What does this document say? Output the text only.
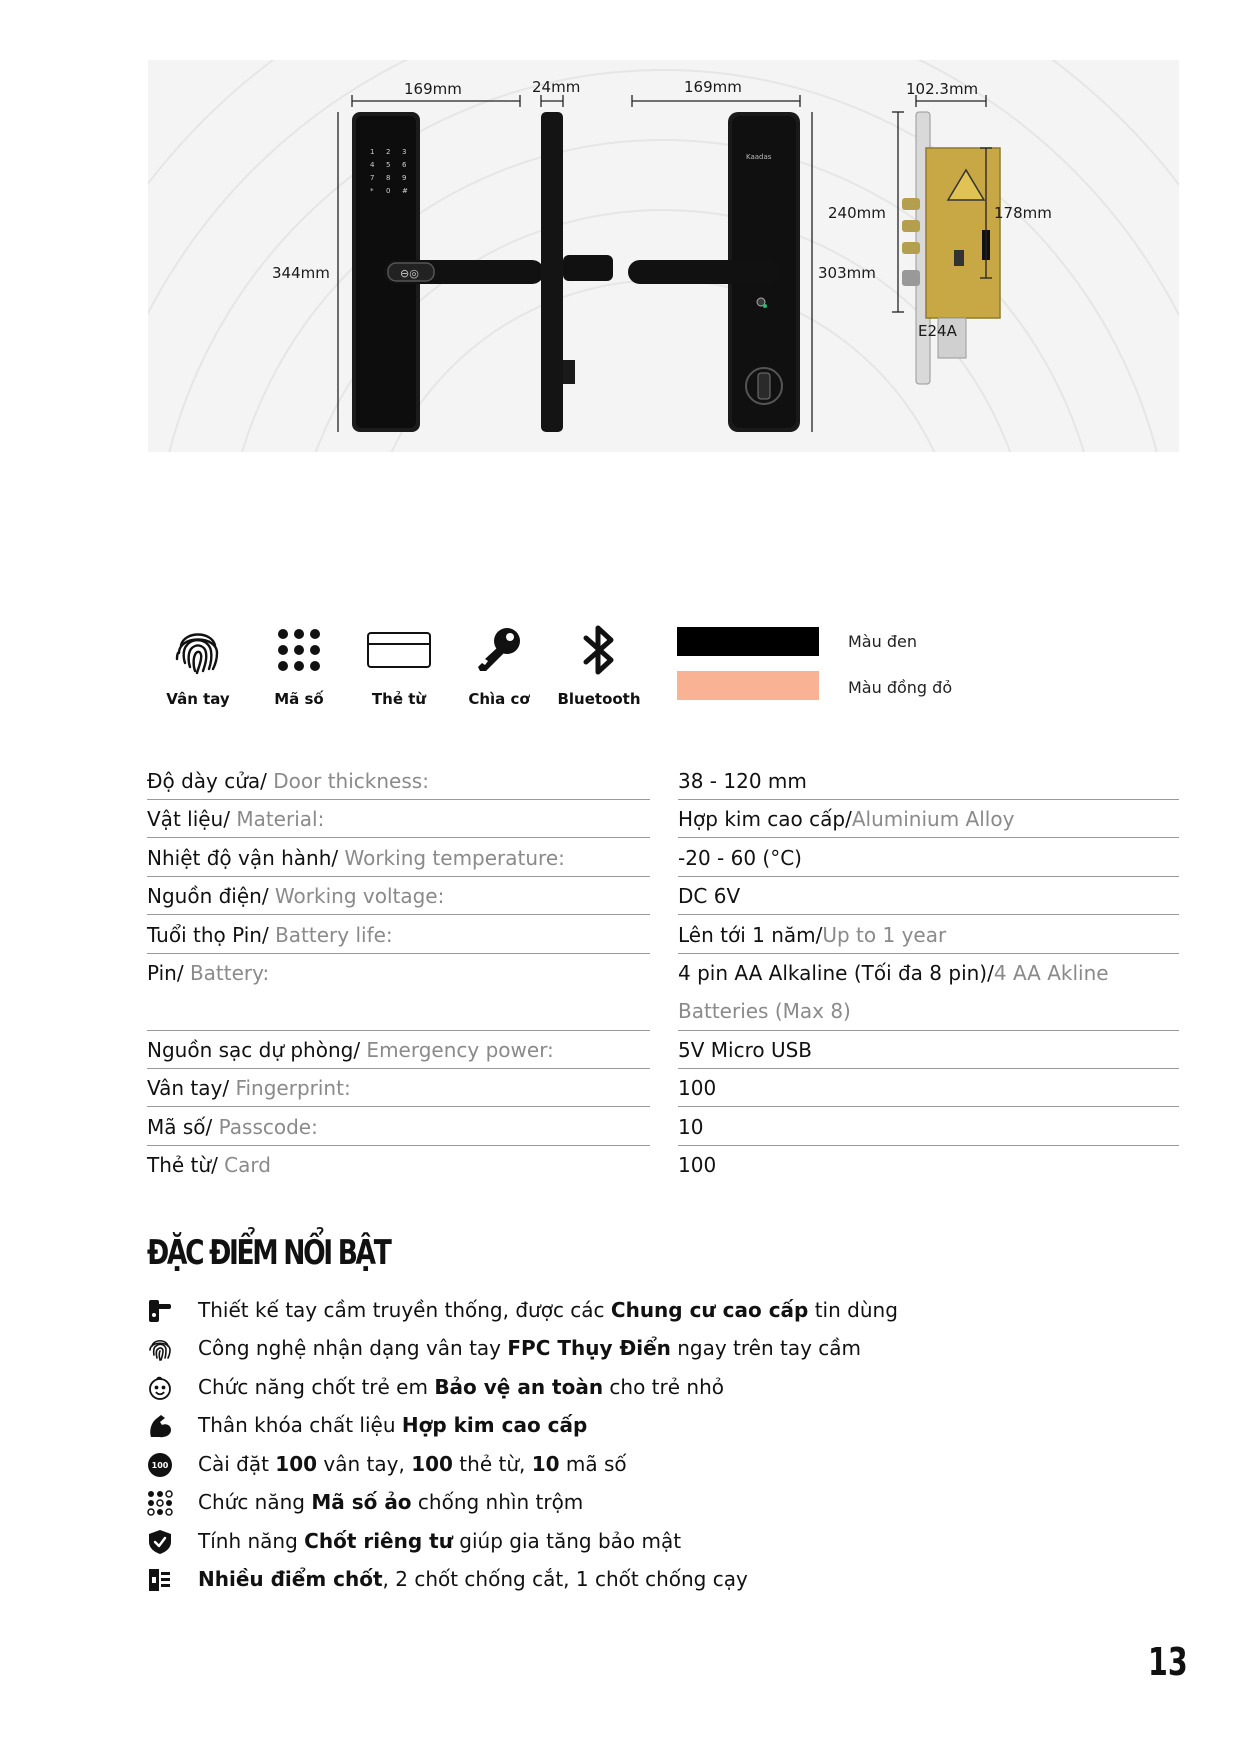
1 2 3
4 5 6
7 8 9
* 0 #
⊖◎
Kaadas
169mm	24mm	169mm	102.3mm
344mm
240mm
303mm
178mm
E24A
Vân tay	Mã số	Thẻ từ	Chìa cơ	Bluetooth
Màu đen
Màu đồng đỏ
Độ dày cửa/ Door thickness:	38 - 120 mm
Vật liệu/ Material:	Hợp kim cao cấp/Aluminium Alloy
Nhiệt độ vận hành/ Working temperature:	-20 - 60 (°C)
Nguồn điện/ Working voltage:	DC 6V
Tuổi thọ Pin/ Battery life:	Lên tới 1 năm/Up to 1 year
Pin/ Battery:	4 pin AA Alkaline (Tối đa 8 pin)/4 AA Akline
Batteries (Max 8)
Nguồn sạc dự phòng/ Emergency power:	5V Micro USB
Vân tay/ Fingerprint:	100
Mã số/ Passcode:	10
Thẻ từ/ Card	100
ĐẶC ĐIỂM NỔI BẬT
Thiết kế tay cầm truyền thống, được các Chung cư cao cấp tin dùng
Công nghệ nhận dạng vân tay FPC Thụy Điển ngay trên tay cầm
Chức năng chốt trẻ em Bảo vệ an toàn cho trẻ nhỏ
Thân khóa chất liệu Hợp kim cao cấp
100 Cài đặt 100 vân tay, 100 thẻ từ, 10 mã số
Chức năng Mã số ảo chống nhìn trộm
Tính năng Chốt riêng tư giúp gia tăng bảo mật
Nhiều điểm chốt, 2 chốt chống cắt, 1 chốt chống cạy
13
